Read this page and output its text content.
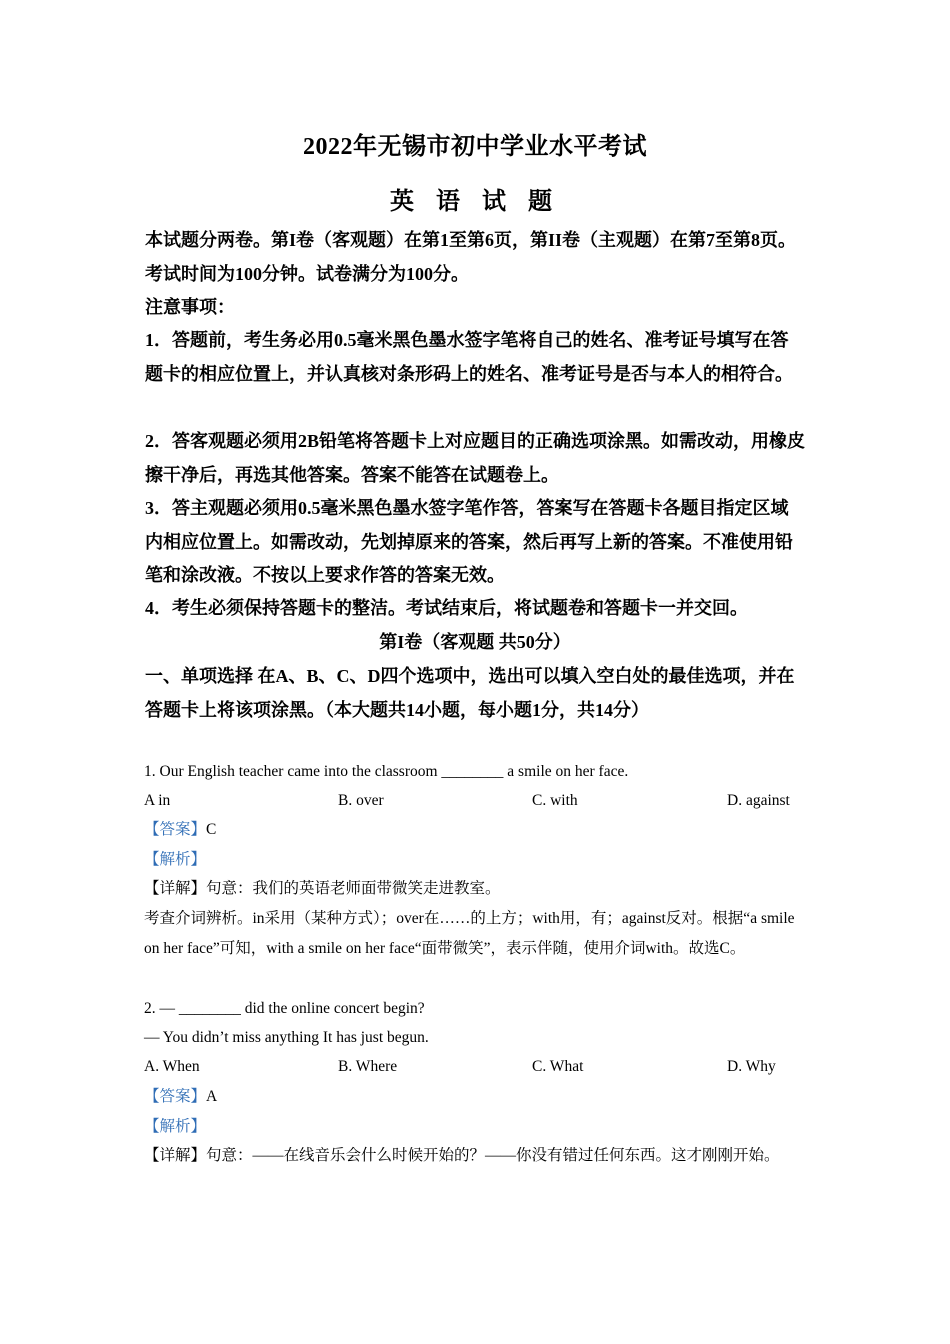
2022年无锡市初中学业水平考试
英 语 试 题
本试题分两卷。第I卷（客观题）在第1至第6页，第II卷（主观题）在第7至第8页。考试时间为100分钟。试卷满分为100分。
注意事项：
1．答题前，考生务必用0.5毫米黑色墨水签字笔将自己的姓名、准考证号填写在答题卡的相应位置上，并认真核对条形码上的姓名、准考证号是否与本人的相符合。
2．答客观题必须用2B铅笔将答题卡上对应题目的正确选项涂黑。如需改动，用橡皮擦干净后，再选其他答案。答案不能答在试题卷上。
3．答主观题必须用0.5毫米黑色墨水签字笔作答，答案写在答题卡各题目指定区域内相应位置上。如需改动，先划掉原来的答案，然后再写上新的答案。不准使用铅笔和涂改液。不按以上要求作答的答案无效。
4．考生必须保持答题卡的整洁。考试结束后，将试题卷和答题卡一并交回。
第I卷（客观题 共50分）
一、单项选择 在A、B、C、D四个选项中，选出可以填入空白处的最佳选项，并在答题卡上将该项涂黑。（本大题共14小题，每小题1分，共14分）
1. Our English teacher came into the classroom ________ a smile on her face.
A in	B. over	C. with	D. against
【答案】C
【解析】
【详解】句意：我们的英语老师面带微笑走进教室。
考查介词辨析。in采用（某种方式）；over在……的上方；with用，有；against反对。根据“a smile on her face”可知，with a smile on her face“面带微笑”，表示伴随，使用介词with。故选C。
2. — ________ did the online concert begin?
— You didn’t miss anything It has just begun.
A. When	B. Where	C. What	D. Why
【答案】A
【解析】
【详解】句意：——在线音乐会什么时候开始的？——你没有错过任何东西。这才刚刚开始。
